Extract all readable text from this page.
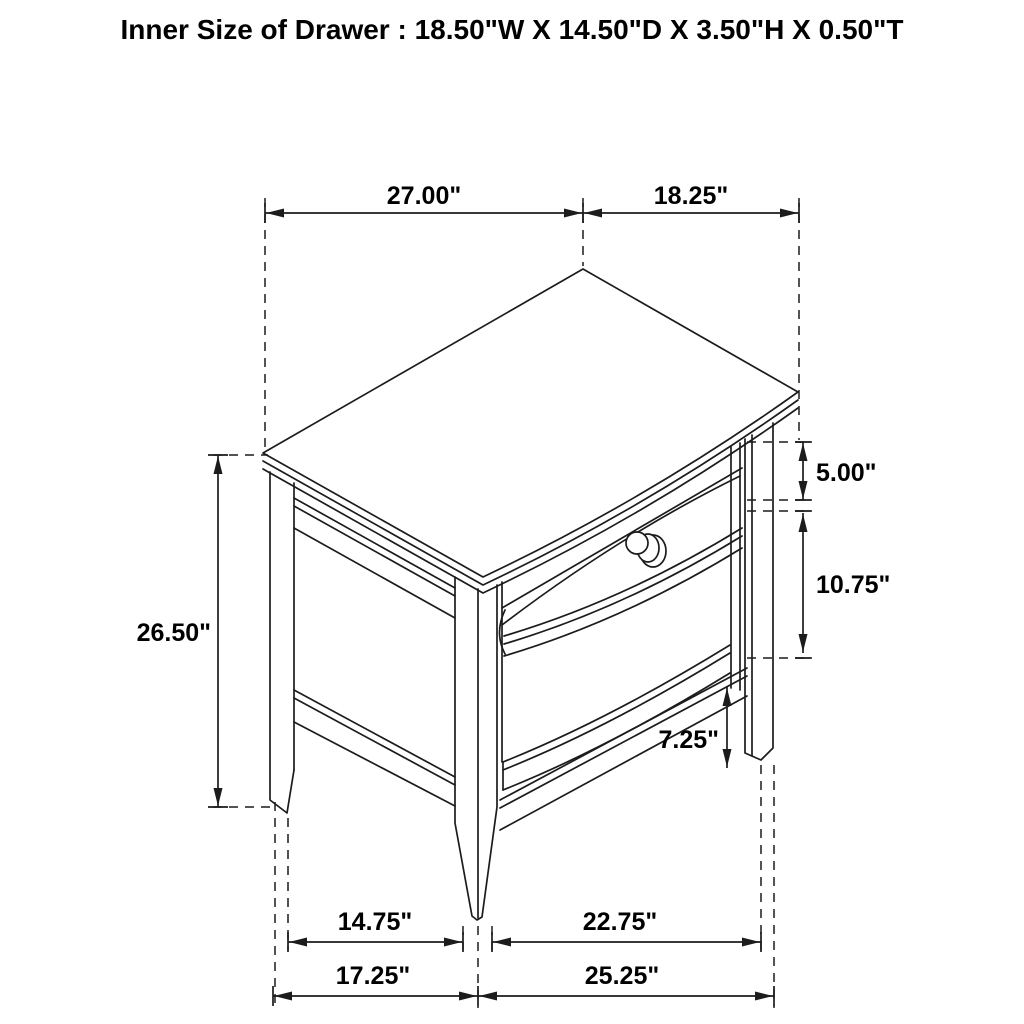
Inner Size of Drawer : 18.50"W X 14.50"D X 3.50"H X 0.50"T
27.00"	18.25"
26.50"
5.00"
10.75"
7.25"
14.75"	22.75"
17.25"	25.25"
